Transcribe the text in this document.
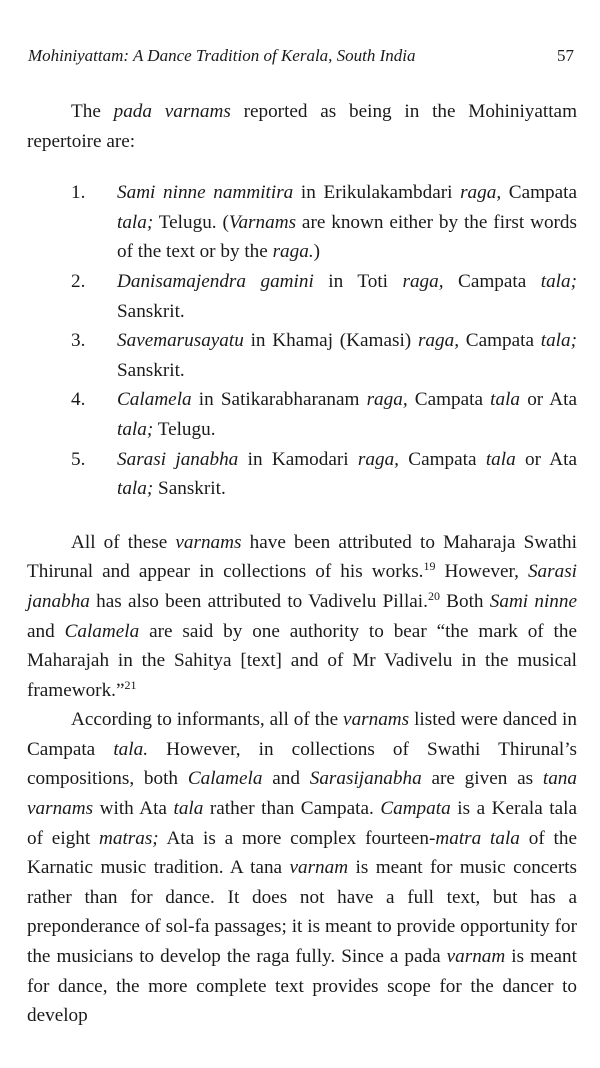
Mohiniyattam: A Dance Tradition of Kerala, South India	57

The pada varnams reported as being in the Mohiniyattam repertoire are:

1.	Sami ninne nammitira in Erikulakambdari raga, Campata tala; Telugu. (Varnams are known either by the first words of the text or by the raga.)
2.	Danisamajendra gamini in Toti raga, Campata tala; Sanskrit.
3.	Savemarusayatu in Khamaj (Kamasi) raga, Campata tala; Sanskrit.
4.	Calamela in Satikarabharanam raga, Campata tala or Ata tala; Telugu.
5.	Sarasi janabha in Kamodari raga, Campata tala or Ata tala; Sanskrit.

All of these varnams have been attributed to Maharaja Swathi Thirunal and appear in collections of his works.$^{19}$ However, Sarasi janabha has also been attributed to Vadivelu Pillai.$^{20}$ Both Sami ninne and Calamela are said by one authority to bear “the mark of the Maharajah in the Sahitya [text] and of Mr Vadivelu in the musical framework.”$^{21}$

According to informants, all of the varnams listed were danced in Campata tala. However, in collections of Swathi Thirunal’s compositions, both Calamela and Sarasijanabha are given as tana varnams with Ata tala rather than Campata. Campata is a Kerala tala of eight matras; Ata is a more complex fourteen-matra tala of the Karnatic music tradition. A tana varnam is meant for music concerts rather than for dance. It does not have a full text, but has a preponderance of sol-fa passages; it is meant to provide opportunity for the musicians to develop the raga fully. Since a pada varnam is meant for dance, the more complete text provides scope for the dancer to develop
